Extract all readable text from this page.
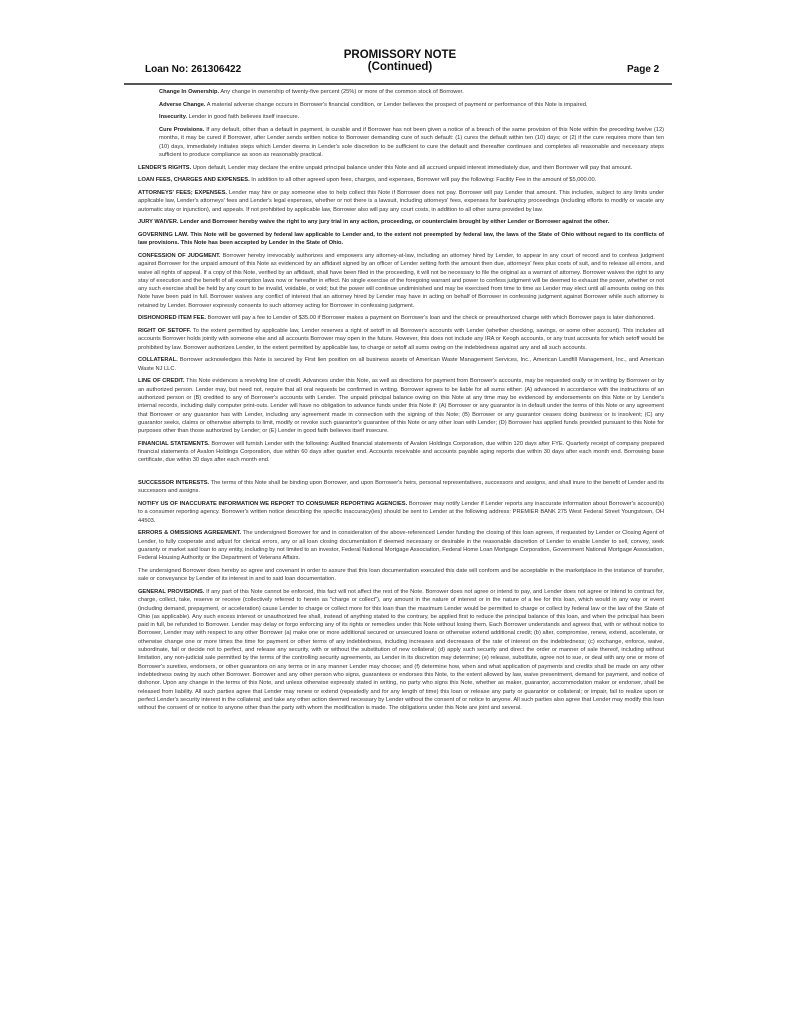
PROMISSORY NOTE
(Continued)
Loan No: 261306422	Page 2

Change In Ownership. Any change in ownership of twenty-five percent (25%) or more of the common stock of Borrower.

Adverse Change. A material adverse change occurs in Borrower's financial condition, or Lender believes the prospect of payment or performance of this Note is impaired.

Insecurity. Lender in good faith believes itself insecure.

Cure Provisions. If any default, other than a default in payment, is curable and if Borrower has not been given a notice of a breach of the same provision of this Note within the preceding twelve (12) months, it may be cured if Borrower, after Lender sends written notice to Borrower demanding cure of such default: (1) cures the default within ten (10) days; or (2) if the cure requires more than ten (10) days, immediately initiates steps which Lender deems in Lender's sole discretion to be sufficient to cure the default and thereafter continues and completes all reasonable and necessary steps sufficient to produce compliance as soon as reasonably practical.

LENDER'S RIGHTS. Upon default, Lender may declare the entire unpaid principal balance under this Note and all accrued unpaid interest immediately due, and then Borrower will pay that amount.

LOAN FEES, CHARGES AND EXPENSES. In addition to all other agreed upon fees, charges, and expenses, Borrower will pay the following: Facility Fee in the amount of $5,000.00.

ATTORNEYS' FEES; EXPENSES. Lender may hire or pay someone else to help collect this Note if Borrower does not pay. Borrower will pay Lender that amount. This includes, subject to any limits under applicable law, Lender's attorneys' fees and Lender's legal expenses, whether or not there is a lawsuit, including attorneys' fees, expenses for bankruptcy proceedings (including efforts to modify or vacate any automatic stay or injunction), and appeals. If not prohibited by applicable law, Borrower also will pay any court costs, in addition to all other sums provided by law.

JURY WAIVER. Lender and Borrower hereby waive the right to any jury trial in any action, proceeding, or counterclaim brought by either Lender or Borrower against the other.

GOVERNING LAW. This Note will be governed by federal law applicable to Lender and, to the extent not preempted by federal law, the laws of the State of Ohio without regard to its conflicts of law provisions. This Note has been accepted by Lender in the State of Ohio.

CONFESSION OF JUDGMENT. Borrower hereby irrevocably authorizes and empowers any attorney-at-law, including an attorney hired by Lender, to appear in any court of record and to confess judgment against Borrower for the unpaid amount of this Note as evidenced by an affidavit signed by an officer of Lender setting forth the amount then due, attorneys' fees plus costs of suit, and to release all errors, and waive all rights of appeal. If a copy of this Note, verified by an affidavit, shall have been filed in the proceeding, it will not be necessary to file the original as a warrant of attorney. Borrower waives the right to any stay of execution and the benefit of all exemption laws now or hereafter in effect. No single exercise of the foregoing warrant and power to confess judgment will be deemed to exhaust the power, whether or not any such exercise shall be held by any court to be invalid, voidable, or void; but the power will continue undiminished and may be exercised from time to time as Lender may elect until all amounts owing on this Note have been paid in full. Borrower waives any conflict of interest that an attorney hired by Lender may have in acting on behalf of Borrower in confessing judgment against Borrower while such attorney is retained by Lender. Borrower expressly consents to such attorney acting for Borrower in confessing judgment.

DISHONORED ITEM FEE. Borrower will pay a fee to Lender of $35.00 if Borrower makes a payment on Borrower's loan and the check or preauthorized charge with which Borrower pays is later dishonored.

RIGHT OF SETOFF. To the extent permitted by applicable law, Lender reserves a right of setoff in all Borrower's accounts with Lender (whether checking, savings, or some other account). This includes all accounts Borrower holds jointly with someone else and all accounts Borrower may open in the future. However, this does not include any IRA or Keogh accounts, or any trust accounts for which setoff would be prohibited by law. Borrower authorizes Lender, to the extent permitted by applicable law, to charge or setoff all sums owing on the indebtedness against any and all such accounts.

COLLATERAL. Borrower acknowledges this Note is secured by First lien position on all business assets of American Waste Management Services, Inc., American Landfill Management, Inc., and American Waste NJ LLC.

LINE OF CREDIT. This Note evidences a revolving line of credit. Advances under this Note, as well as directions for payment from Borrower's accounts, may be requested orally or in writing by Borrower or by an authorized person. Lender may, but need not, require that all oral requests be confirmed in writing. Borrower agrees to be liable for all sums either: (A) advanced in accordance with the instructions of an authorized person or (B) credited to any of Borrower's accounts with Lender. The unpaid principal balance owing on this Note at any time may be evidenced by endorsements on this Note or by Lender's internal records, including daily computer print-outs. Lender will have no obligation to advance funds under this Note if: (A) Borrower or any guarantor is in default under the terms of this Note or any agreement that Borrower or any guarantor has with Lender, including any agreement made in connection with the signing of this Note; (B) Borrower or any guarantor ceases doing business or is insolvent; (C) any guarantor seeks, claims or otherwise attempts to limit, modify or revoke such guarantor's guarantee of this Note or any other loan with Lender; (D) Borrower has applied funds provided pursuant to this Note for purposes other than those authorized by Lender; or (E) Lender in good faith believes itself insecure.

FINANCIAL STATEMENTS. Borrower will furnish Lender with the following: Audited financial statements of Avalon Holdings Corporation, due within 120 days after FYE. Quarterly receipt of company prepared financial statements of Avalon Holdings Corporation, due within 60 days after quarter end. Accounts receivable and accounts payable aging reports due within 30 days after each month end. Borrowing base certificate, due within 30 days after each month end.

SUCCESSOR INTERESTS. The terms of this Note shall be binding upon Borrower, and upon Borrower's heirs, personal representatives, successors and assigns, and shall inure to the benefit of Lender and its successors and assigns.

NOTIFY US OF INACCURATE INFORMATION WE REPORT TO CONSUMER REPORTING AGENCIES. Borrower may notify Lender if Lender reports any inaccurate information about Borrower's account(s) to a consumer reporting agency. Borrower's written notice describing the specific inaccuracy(ies) should be sent to Lender at the following address: PREMIER BANK 275 West Federal Street Youngstown, OH 44503.

ERRORS & OMISSIONS AGREEMENT. The undersigned Borrower for and in consideration of the above-referenced Lender funding the closing of this loan agrees, if requested by Lender or Closing Agent of Lender, to fully cooperate and adjust for clerical errors, any or all loan closing documentation if deemed necessary or desirable in the reasonable discretion of Lender to enable Lender to sell, convey, seek guaranty or market said loan to any entity, including by not limited to an investor, Federal National Mortgage Association, Federal Home Loan Mortgage Corporation, Government National Mortgage Association, Federal Housing Authority or the Department of Veterans Affairs.

The undersigned Borrower does hereby so agree and covenant in order to assure that this loan documentation executed this date will conform and be acceptable in the marketplace in the instance of transfer, sale or conveyance by Lender of its interest in and to said loan documentation.

GENERAL PROVISIONS. If any part of this Note cannot be enforced, this fact will not affect the rest of the Note. Borrower does not agree or intend to pay, and Lender does not agree or intend to contract for, charge, collect, take, reserve or receive (collectively referred to herein as "charge or collect"), any amount in the nature of interest or in the nature of a fee for this loan, which would in any way or event (including demand, prepayment, or acceleration) cause Lender to charge or collect more for this loan than the maximum Lender would be permitted to charge or collect by federal law or the law of the State of Ohio (as applicable). Any such excess interest or unauthorized fee shall, instead of anything stated to the contrary, be applied first to reduce the principal balance of this loan, and when the principal has been paid in full, be refunded to Borrower. Lender may delay or forgo enforcing any of its rights or remedies under this Note without losing them. Each Borrower understands and agrees that, with or without notice to Borrower, Lender may with respect to any other Borrower (a) make one or more additional secured or unsecured loans or otherwise extend additional credit; (b) alter, compromise, renew, extend, accelerate, or otherwise change one or more times the time for payment or other terms of any indebtedness, including increases and decreases of the rate of interest on the indebtedness; (c) exchange, enforce, waive, subordinate, fail or decide not to perfect, and release any security, with or without the substitution of new collateral; (d) apply such security and direct the order or manner of sale thereof, including without limitation, any non-judicial sale permitted by the terms of the controlling security agreements, as Lender in its discretion may determine; (e) release, substitute, agree not to sue, or deal with any one or more of Borrower's sureties, endorsers, or other guarantors on any terms or in any manner Lender may choose; and (f) determine how, when and what application of payments and credits shall be made on any other indebtedness owing by such other Borrower. Borrower and any other person who signs, guarantees or endorses this Note, to the extent allowed by law, waive presentment, demand for payment, and notice of dishonor. Upon any change in the terms of this Note, and unless otherwise expressly stated in writing, no party who signs this Note, whether as maker, guarantor, accommodation maker or endorser, shall be released from liability. All such parties agree that Lender may renew or extend (repeatedly and for any length of time) this loan or release any party or guarantor or collateral; or impair, fail to realize upon or perfect Lender's security interest in the collateral; and take any other action deemed necessary by Lender without the consent of or notice to anyone. All such parties also agree that Lender may modify this loan without the consent of or notice to anyone other than the party with whom the modification is made. The obligations under this Note are joint and several.
